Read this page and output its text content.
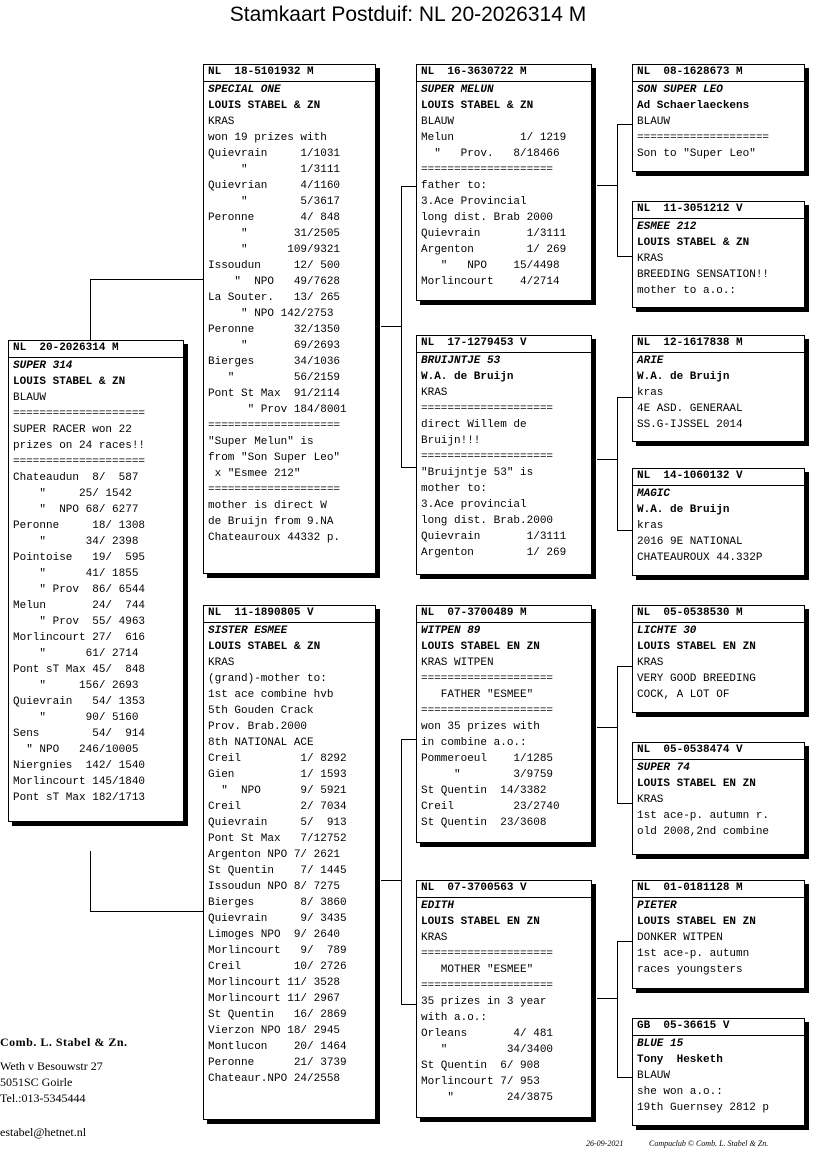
Stamkaart Postduif: NL 20-2026314 M
NL  20-2026314 M
SUPER 314
LOUIS STABEL & ZN
BLAUW
====================
SUPER RACER won 22
prizes on 24 races!!
====================
Chateaudun  8/  587
"     25/ 1542
"  NPO 68/ 6277
Peronne     18/ 1308
"      34/ 2398
Pointoise   19/  595
"      41/ 1855
" Prov  86/ 6544
Melun       24/  744
" Prov  55/ 4963
Morlincourt 27/  616
"      61/ 2714
Pont sT Max 45/  848
"     156/ 2693
Quievrain   54/ 1353
"      90/ 5160
Sens        54/  914
" NPO   246/10005
Niergnies  142/ 1540
Morlincourt 145/1840
Pont sT Max 182/1713
NL  18-5101932 M
SPECIAL ONE
LOUIS STABEL & ZN
KRAS
won 19 prizes with
Quievrain     1/1031
"        1/3111
Quievrian     4/1160
"        5/3617
Peronne       4/ 848
"       31/2505
"      109/9321
Issoudun     12/ 500
"  NPO   49/7628
La Souter.   13/ 265
" NPO 142/2753
Peronne      32/1350
"       69/2693
Bierges      34/1036
"         56/2159
Pont St Max  91/2114
" Prov 184/8001
====================
"Super Melun" is
from "Son Super Leo"
x "Esmee 212"
====================
mother is direct W
de Bruijn from 9.NA
Chateauroux 44332 p.
NL  11-1890805 V
SISTER ESMEE
LOUIS STABEL & ZN
KRAS
(grand)-mother to:
1st ace combine hvb
5th Gouden Crack
Prov. Brab.2000
8th NATIONAL ACE
Creil         1/ 8292
Gien          1/ 1593
"  NPO      9/ 5921
Creil         2/ 7034
Quievrain     5/  913
Pont St Max   7/12752
Argenton NPO 7/ 2621
St Quentin    7/ 1445
Issoudun NPO 8/ 7275
Bierges       8/ 3860
Quievrain     9/ 3435
Limoges NPO  9/ 2640
Morlincourt   9/  789
Creil        10/ 2726
Morlincourt 11/ 3528
Morlincourt 11/ 2967
St Quentin   16/ 2869
Vierzon NPO 18/ 2945
Montlucon    20/ 1464
Peronne      21/ 3739
Chateaur.NPO 24/2558
NL  16-3630722 M
SUPER MELUN
LOUIS STABEL & ZN
BLAUW
Melun          1/ 1219
"   Prov.   8/18466
====================
father to:
3.Ace Provincial
long dist. Brab 2000
Quievrain       1/3111
Argenton        1/ 269
"   NPO    15/4498
Morlincourt    4/2714
NL  17-1279453 V
BRUIJNTJE 53
W.A. de Bruijn
KRAS
====================
direct Willem de
Bruijn!!!
====================
"Bruijntje 53" is
mother to:
3.Ace provincial
long dist. Brab.2000
Quievrain       1/3111
Argenton        1/ 269
NL  07-3700489 M
WITPEN 89
LOUIS STABEL EN ZN
KRAS WITPEN
====================
FATHER "ESMEE"
====================
won 35 prizes with
in combine a.o.:
Pommeroeul    1/1285
"        3/9759
St Quentin  14/3382
Creil         23/2740
St Quentin  23/3608
NL  07-3700563 V
EDITH
LOUIS STABEL EN ZN
KRAS
====================
MOTHER "ESMEE"
====================
35 prizes in 3 year
with a.o.:
Orleans       4/ 481
"         34/3400
St Quentin  6/ 908
Morlincourt 7/ 953
"        24/3875
NL  08-1628673 M
SON SUPER LEO
Ad Schaerlaeckens
BLAUW
====================
Son to "Super Leo"
NL  11-3051212 V
ESMEE 212
LOUIS STABEL & ZN
KRAS
BREEDING SENSATION!!
mother to a.o.:
NL  12-1617838 M
ARIE
W.A. de Bruijn
kras
4E ASD. GENERAAL
SS.G-IJSSEL 2014
NL  14-1060132 V
MAGIC
W.A. de Bruijn
kras
2016 9E NATIONAL
CHATEAUROUX 44.332P
NL  05-0538530 M
LICHTE 30
LOUIS STABEL EN ZN
KRAS
VERY GOOD BREEDING
COCK, A LOT OF
NL  05-0538474 V
SUPER 74
LOUIS STABEL EN ZN
KRAS
1st ace-p. autumn r.
old 2008,2nd combine
NL  01-0181128 M
PIETER
LOUIS STABEL EN ZN
DONKER WITPEN
1st ace-p. autumn
races youngsters
GB  05-36615 V
BLUE 15
Tony  Hesketh
BLAUW
she won a.o.:
19th Guernsey 2812 p
Comb. L. Stabel & Zn.
Weth v Besouwstr 27
5051SC Goirle
Tel.:013-5345444
estabel@hetnet.nl
26-09-2021	Compuclub © Comb. L. Stabel & Zn.
